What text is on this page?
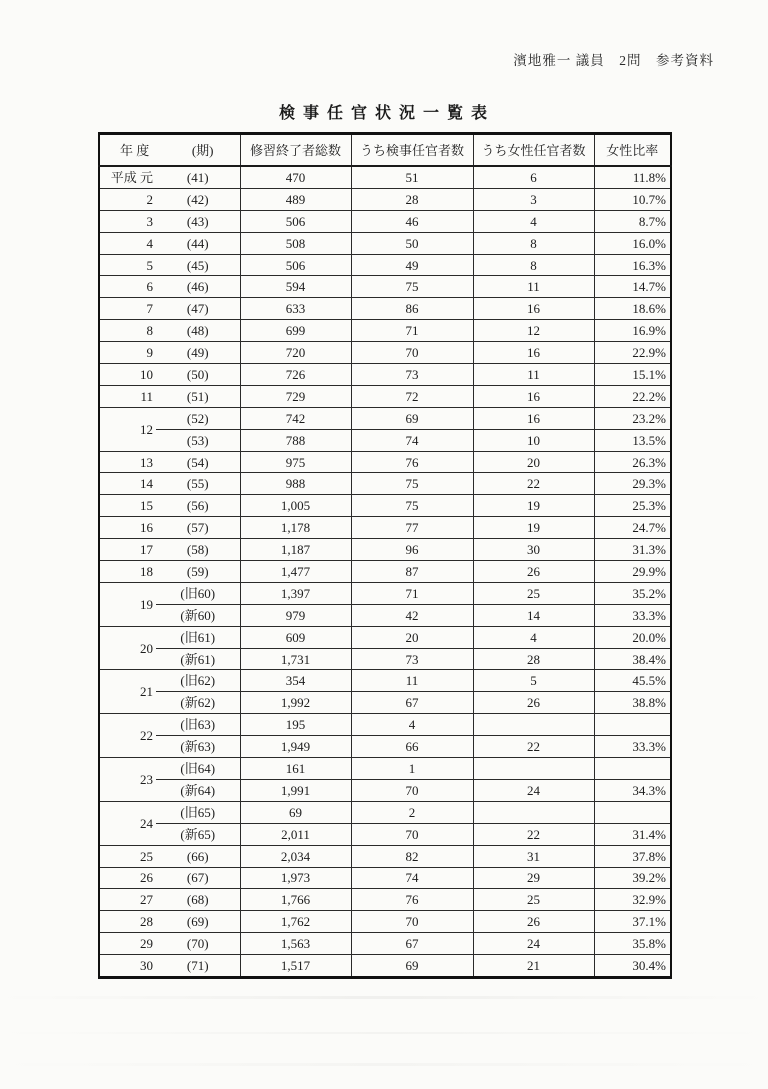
濱地雅一 議員　2問　参考資料
検 事 任 官 状 況 一 覧 表
年 度 (期)		修習終了者総数	うち検事任官者数	うち女性任官者数	女性比率
平成 元	(41)	470	51	6	11.8%
2	(42)	489	28	3	10.7%
3	(43)	506	46	4	8.7%
4	(44)	508	50	8	16.0%
5	(45)	506	49	8	16.3%
6	(46)	594	75	11	14.7%
7	(47)	633	86	16	18.6%
8	(48)	699	71	12	16.9%
9	(49)	720	70	16	22.9%
10	(50)	726	73	11	15.1%
11	(51)	729	72	16	22.2%
12	(52)	742	69	16	23.2%
	(53)	788	74	10	13.5%
13	(54)	975	76	20	26.3%
14	(55)	988	75	22	29.3%
15	(56)	1,005	75	19	25.3%
16	(57)	1,178	77	19	24.7%
17	(58)	1,187	96	30	31.3%
18	(59)	1,477	87	26	29.9%
19	(旧60)	1,397	71	25	35.2%
	(新60)	979	42	14	33.3%
20	(旧61)	609	20	4	20.0%
	(新61)	1,731	73	28	38.4%
21	(旧62)	354	11	5	45.5%
	(新62)	1,992	67	26	38.8%
22	(旧63)	195	4		
	(新63)	1,949	66	22	33.3%
23	(旧64)	161	1		
	(新64)	1,991	70	24	34.3%
24	(旧65)	69	2		
	(新65)	2,011	70	22	31.4%
25	(66)	2,034	82	31	37.8%
26	(67)	1,973	74	29	39.2%
27	(68)	1,766	76	25	32.9%
28	(69)	1,762	70	26	37.1%
29	(70)	1,563	67	24	35.8%
30	(71)	1,517	69	21	30.4%
